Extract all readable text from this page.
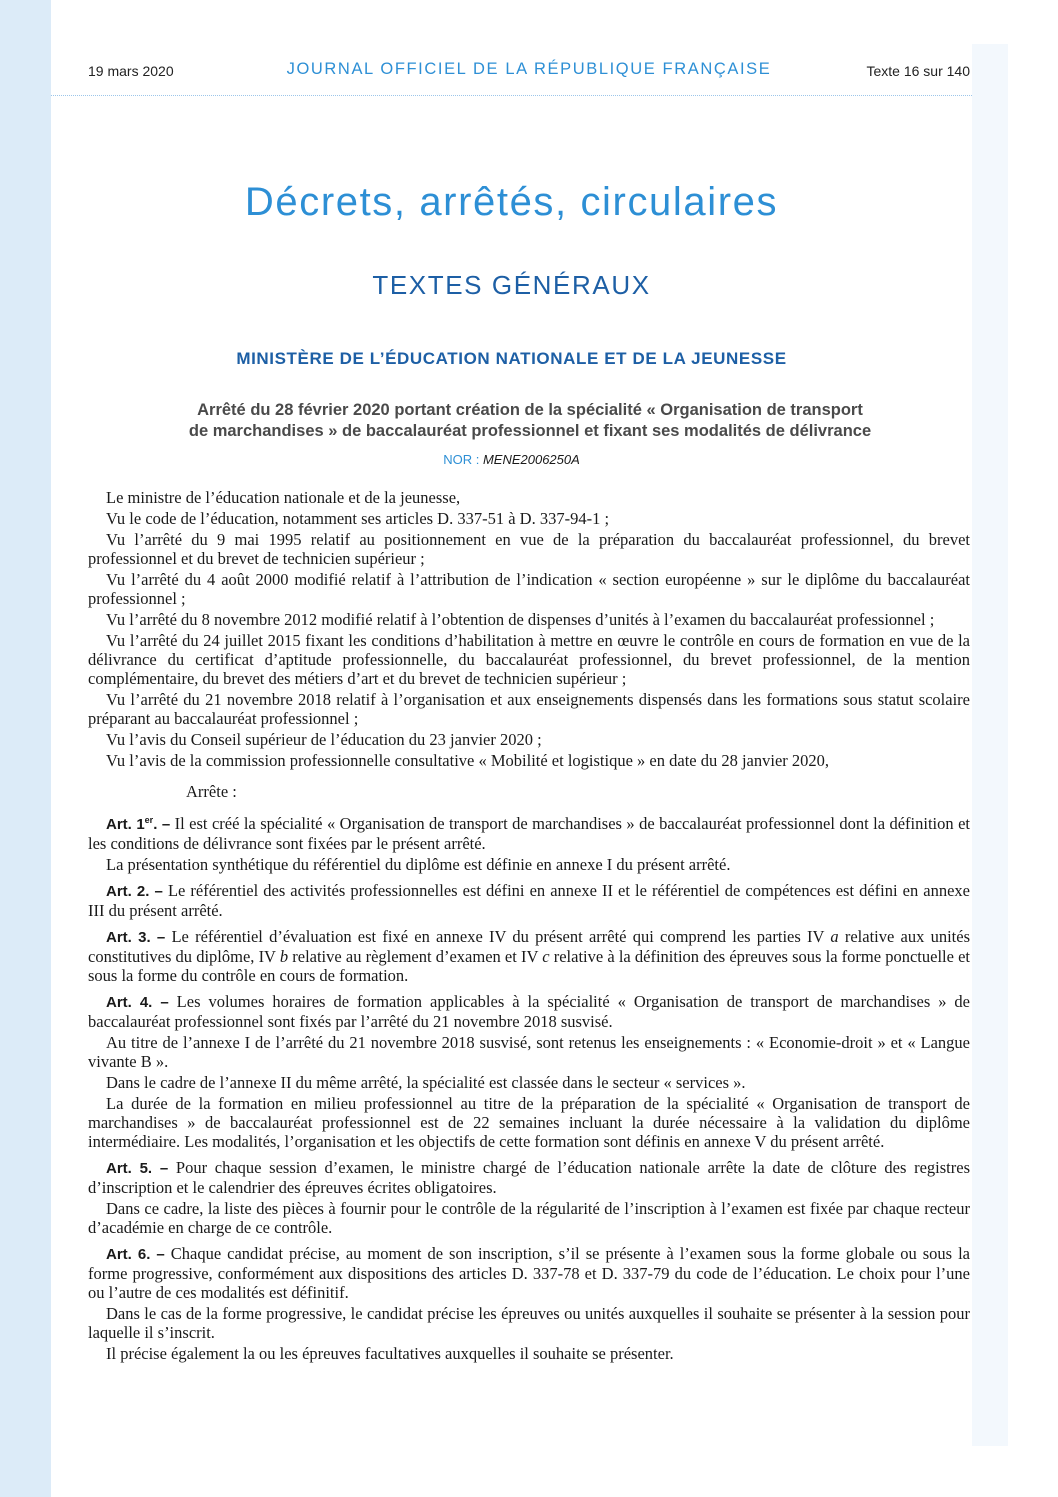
19 mars 2020	JOURNAL OFFICIEL DE LA RÉPUBLIQUE FRANÇAISE	Texte 16 sur 140
Décrets, arrêtés, circulaires
TEXTES GÉNÉRAUX
MINISTÈRE DE L’ÉDUCATION NATIONALE ET DE LA JEUNESSE
Arrêté du 28 février 2020 portant création de la spécialité « Organisation de transport
de marchandises » de baccalauréat professionnel et fixant ses modalités de délivrance
NOR : MENE2006250A

Le ministre de l’éducation nationale et de la jeunesse,

Vu le code de l’éducation, notamment ses articles D. 337-51 à D. 337-94-1 ;

Vu l’arrêté du 9 mai 1995 relatif au positionnement en vue de la préparation du baccalauréat professionnel, du brevet professionnel et du brevet de technicien supérieur ;

Vu l’arrêté du 4 août 2000 modifié relatif à l’attribution de l’indication « section européenne » sur le diplôme du baccalauréat professionnel ;

Vu l’arrêté du 8 novembre 2012 modifié relatif à l’obtention de dispenses d’unités à l’examen du baccalauréat professionnel ;

Vu l’arrêté du 24 juillet 2015 fixant les conditions d’habilitation à mettre en œuvre le contrôle en cours de formation en vue de la délivrance du certificat d’aptitude professionnelle, du baccalauréat professionnel, du brevet professionnel, de la mention complémentaire, du brevet des métiers d’art et du brevet de technicien supérieur ;

Vu l’arrêté du 21 novembre 2018 relatif à l’organisation et aux enseignements dispensés dans les formations sous statut scolaire préparant au baccalauréat professionnel ;

Vu l’avis du Conseil supérieur de l’éducation du 23 janvier 2020 ;

Vu l’avis de la commission professionnelle consultative « Mobilité et logistique » en date du 28 janvier 2020,

Arrête :

Art. 1er. – Il est créé la spécialité « Organisation de transport de marchandises » de baccalauréat professionnel dont la définition et les conditions de délivrance sont fixées par le présent arrêté.

La présentation synthétique du référentiel du diplôme est définie en annexe I du présent arrêté.

Art. 2. – Le référentiel des activités professionnelles est défini en annexe II et le référentiel de compétences est défini en annexe III du présent arrêté.

Art. 3. – Le référentiel d’évaluation est fixé en annexe IV du présent arrêté qui comprend les parties IV a relative aux unités constitutives du diplôme, IV b relative au règlement d’examen et IV c relative à la définition des épreuves sous la forme ponctuelle et sous la forme du contrôle en cours de formation.

Art. 4. – Les volumes horaires de formation applicables à la spécialité « Organisation de transport de marchandises » de baccalauréat professionnel sont fixés par l’arrêté du 21 novembre 2018 susvisé.

Au titre de l’annexe I de l’arrêté du 21 novembre 2018 susvisé, sont retenus les enseignements : « Economie-droit » et « Langue vivante B ».

Dans le cadre de l’annexe II du même arrêté, la spécialité est classée dans le secteur « services ».

La durée de la formation en milieu professionnel au titre de la préparation de la spécialité « Organisation de transport de marchandises » de baccalauréat professionnel est de 22 semaines incluant la durée nécessaire à la validation du diplôme intermédiaire. Les modalités, l’organisation et les objectifs de cette formation sont définis en annexe V du présent arrêté.

Art. 5. – Pour chaque session d’examen, le ministre chargé de l’éducation nationale arrête la date de clôture des registres d’inscription et le calendrier des épreuves écrites obligatoires.

Dans ce cadre, la liste des pièces à fournir pour le contrôle de la régularité de l’inscription à l’examen est fixée par chaque recteur d’académie en charge de ce contrôle.

Art. 6. – Chaque candidat précise, au moment de son inscription, s’il se présente à l’examen sous la forme globale ou sous la forme progressive, conformément aux dispositions des articles D. 337-78 et D. 337-79 du code de l’éducation. Le choix pour l’une ou l’autre de ces modalités est définitif.

Dans le cas de la forme progressive, le candidat précise les épreuves ou unités auxquelles il souhaite se présenter à la session pour laquelle il s’inscrit.

Il précise également la ou les épreuves facultatives auxquelles il souhaite se présenter.
